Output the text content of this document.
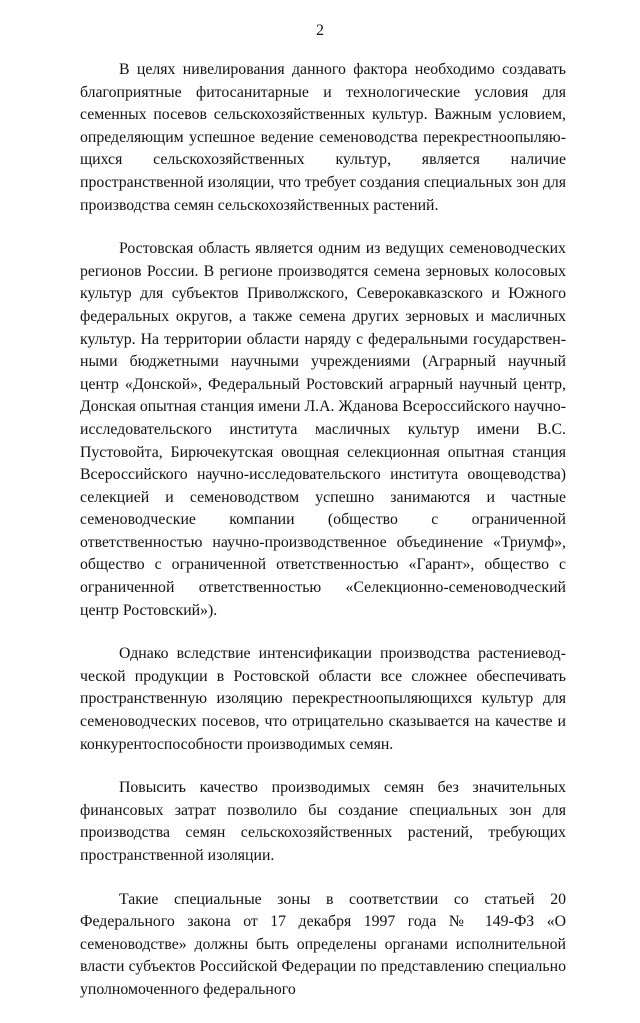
2

В целях нивелирования данного фактора необходимо создавать благоприятные фитосанитарные и технологические условия для семенных посевов сельскохозяйственных культур. Важным условием, определяющим успешное ведение семеноводства перекрестноопыляющихся сельскохозяйственных культур, является наличие пространственной изоляции, что требует создания специальных зон для производства семян сельскохозяйственных растений.

Ростовская область является одним из ведущих семеноводческих регионов России. В регионе производятся семена зерновых колосовых культур для субъектов Приволжского, Северокавказского и Южного федеральных округов, а также семена других зерновых и масличных культур. На территории области наряду с федеральными государственными бюджетными научными учреждениями (Аграрный научный центр «Донской», Федеральный Ростовский аграрный научный центр, Донская опытная станция имени Л.А. Жданова Всероссийского научно-исследовательского института масличных культур имени В.С. Пустовойта, Бирючекутская овощная селекционная опытная станция Всероссийского научно-исследовательского института овощеводства) селекцией и семеноводством успешно занимаются и частные семеноводческие компании (общество с ограниченной ответственностью научно-производственное объединение «Триумф», общество с ограниченной ответственностью «Гарант», общество с ограниченной ответственностью «Селекционно-семеноводческий центр Ростовский»).

Однако вследствие интенсификации производства растениеводческой продукции в Ростовской области все сложнее обеспечивать пространственную изоляцию перекрестноопыляющихся культур для семеноводческих посевов, что отрицательно сказывается на качестве и конкурентоспособности производимых семян.

Повысить качество производимых семян без значительных финансовых затрат позволило бы создание специальных зон для производства семян сельскохозяйственных растений, требующих пространственной изоляции.

Такие специальные зоны в соответствии со статьей 20 Федерального закона от 17 декабря 1997 года № 149-ФЗ «О семеноводстве» должны быть определены органами исполнительной власти субъектов Российской Федерации по представлению специально уполномоченного федерального
